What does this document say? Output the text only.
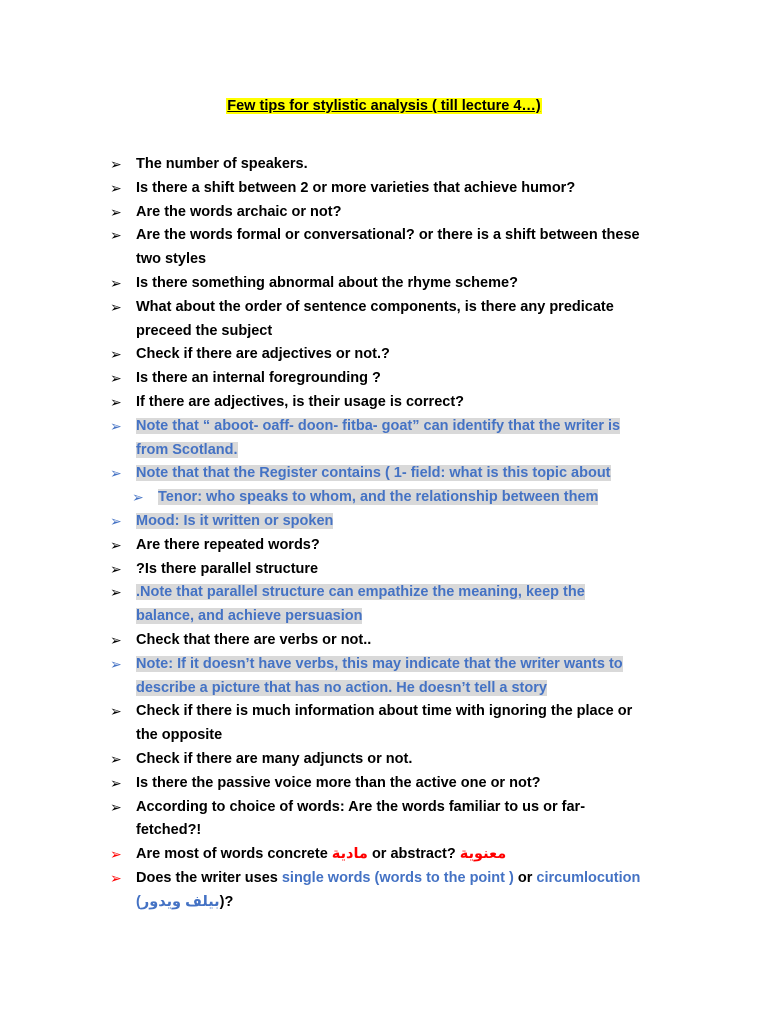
Few tips for stylistic analysis ( till lecture 4…)
➢ The number of speakers.
➢ Is there a shift between 2 or more varieties that achieve humor?
➢ Are the words archaic or not?
➢ Are the words formal or conversational? or there is a shift between these
two styles
➢ Is there something abnormal about the rhyme scheme?
➢ What about the order of sentence components, is there any predicate
preceed the subject
➢ Check if there are adjectives or not.?
➢ Is there an internal foregrounding ?
➢ If there are adjectives, is their usage is correct?
➢ Note that “ aboot- oaff- doon- fitba- goat” can identify that the writer is
from Scotland.
➢ Note that that the Register contains ( 1- field: what is this topic about
➢ Tenor: who speaks to whom, and the relationship between them
➢ Mood: Is it written or spoken
➢ Are there repeated words?
➢ ?Is there parallel structure
➢ .Note that parallel structure can empathize the meaning, keep the
balance, and achieve persuasion
➢ Check that there are verbs or not..
➢ Note: If it doesn’t have verbs, this may indicate that the writer wants to
describe a picture that has no action. He doesn’t tell a story
➢ Check if there is much information about time with ignoring the place or
the opposite
➢ Check if there are many adjuncts or not.
➢ Is there the passive voice more than the active one or not?
➢ According to choice of words: Are the words familiar to us or far-
fetched?!
➢ Are most of words concrete مادية or abstract? معنوية
➢ Does the writer uses single words (words to the point ) or circumlocution
(بيلف ويدور)?
